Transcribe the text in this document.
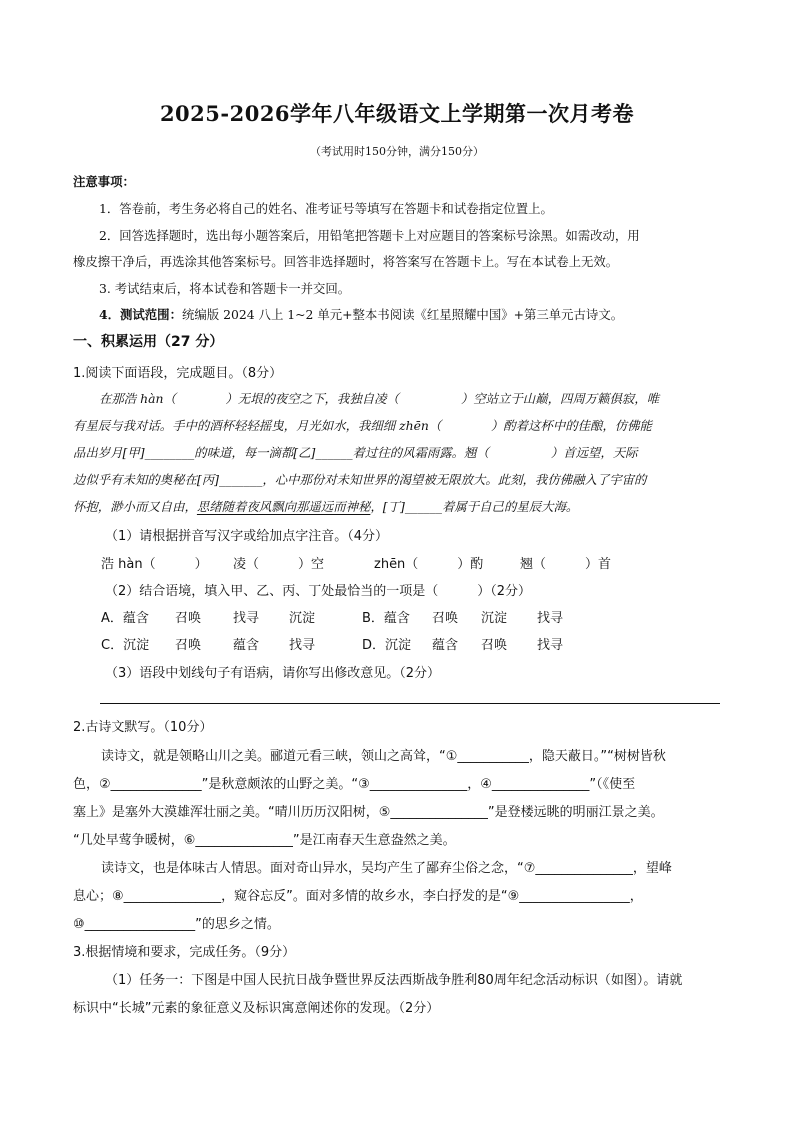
2025-2026学年八年级语文上学期第一次月考卷
（考试用时150分钟，满分150分）
注意事项：
1．答卷前，考生务必将自己的姓名、准考证号等填写在答题卡和试卷指定位置上。
2．回答选择题时，选出每小题答案后，用铅笔把答题卡上对应题目的答案标号涂黑。如需改动，用
橡皮擦干净后，再选涂其他答案标号。回答非选择题时，将答案写在答题卡上。写在本试卷上无效。
3. 考试结束后，将本试卷和答题卡一并交回。
4．测试范围：统编版 2024 八上 1~2 单元+整本书阅读《红星照耀中国》+第三单元古诗文。
一、积累运用（27 分）
1.阅读下面语段，完成题目。（8分）
在那浩 hàn（　　　　）无垠的夜空之下，我独自凌（　　　　　）空站立于山巅，四周万籁俱寂，唯
有星辰与我对话。手中的酒杯轻轻摇曳，月光如水，我细细 zhēn（　　　　）酌着这杯中的佳酿，仿佛能
品出岁月[甲]________的味道，每一滴都[乙]______着过往的风霜雨露。翘（　　　　　）首远望，天际
边似乎有未知的奥秘在[丙]_______，心中那份对未知世界的渴望被无限放大。此刻，我仿佛融入了宇宙的
怀抱，渺小而又自由，思绪随着夜风飘向那遥远而神秘，[丁]______着属于自己的星辰大海。
（1）请根据拼音写汉字或给加点字注音。（4分）
浩 hàn（　　　） 凌（　　　）空	zhēn（　　　）酌	翘（　　　）首
（2）结合语境，填入甲、乙、丙、丁处最恰当的一项是（　　　）（2分）
A．蕴含 召唤 找寻 沉淀	B．蕴含 召唤 沉淀 找寻
C．沉淀 召唤 蕴含 找寻	D．沉淀 蕴含 召唤 找寻
（3）语段中划线句子有语病，请你写出修改意见。（2分）
2.古诗文默写。（10分）
读诗文，就是领略山川之美。郦道元看三峡，领山之高耸，“①___________，隐天蔽日。”“树树皆秋
色，②______________”是秋意颇浓的山野之美。“③_______________，④_______________”（《使至
塞上》是塞外大漠雄浑壮丽之美。“晴川历历汉阳树，⑤_______________”是登楼远眺的明丽江景之美。
“几处早莺争暖树，⑥_______________”是江南春天生意盎然之美。
读诗文，也是体味古人情思。面对奇山异水，吴均产生了鄙弃尘俗之念，“⑦_______________，望峰
息心；⑧_______________，窥谷忘反”。面对多情的故乡水，李白抒发的是“⑨_________________，
⑩_________________”的思乡之情。
3.根据情境和要求，完成任务。（9分）
（1）任务一：下图是中国人民抗日战争暨世界反法西斯战争胜利80周年纪念活动标识（如图）。请就
标识中“长城”元素的象征意义及标识寓意阐述你的发现。（2分）
